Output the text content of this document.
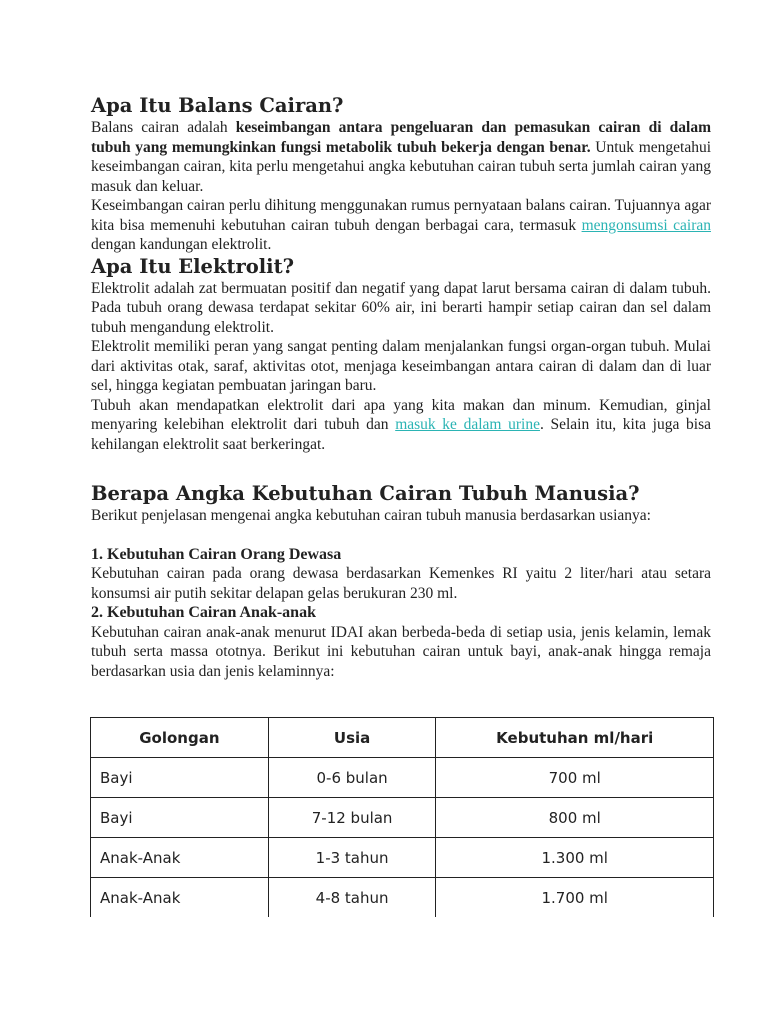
Apa Itu Balans Cairan?

Balans cairan adalah keseimbangan antara pengeluaran dan pemasukan cairan di dalam tubuh yang memungkinkan fungsi metabolik tubuh bekerja dengan benar. Untuk mengetahui keseimbangan cairan, kita perlu mengetahui angka kebutuhan cairan tubuh serta jumlah cairan yang masuk dan keluar.

Keseimbangan cairan perlu dihitung menggunakan rumus pernyataan balans cairan. Tujuannya agar kita bisa memenuhi kebutuhan cairan tubuh dengan berbagai cara, termasuk mengonsumsi cairan dengan kandungan elektrolit.

Apa Itu Elektrolit?

Elektrolit adalah zat bermuatan positif dan negatif yang dapat larut bersama cairan di dalam tubuh. Pada tubuh orang dewasa terdapat sekitar 60% air, ini berarti hampir setiap cairan dan sel dalam tubuh mengandung elektrolit.

Elektrolit memiliki peran yang sangat penting dalam menjalankan fungsi organ-organ tubuh. Mulai dari aktivitas otak, saraf, aktivitas otot, menjaga keseimbangan antara cairan di dalam dan di luar sel, hingga kegiatan pembuatan jaringan baru.

Tubuh akan mendapatkan elektrolit dari apa yang kita makan dan minum. Kemudian, ginjal menyaring kelebihan elektrolit dari tubuh dan masuk ke dalam urine. Selain itu, kita juga bisa kehilangan elektrolit saat berkeringat.

Berapa Angka Kebutuhan Cairan Tubuh Manusia?

Berikut penjelasan mengenai angka kebutuhan cairan tubuh manusia berdasarkan usianya:

1. Kebutuhan Cairan Orang Dewasa

Kebutuhan cairan pada orang dewasa berdasarkan Kemenkes RI yaitu 2 liter/hari atau setara konsumsi air putih sekitar delapan gelas berukuran 230 ml.

2. Kebutuhan Cairan Anak-anak

Kebutuhan cairan anak-anak menurut IDAI akan berbeda-beda di setiap usia, jenis kelamin, lemak tubuh serta massa ototnya. Berikut ini kebutuhan cairan untuk bayi, anak-anak hingga remaja berdasarkan usia dan jenis kelaminnya:

Golongan	Usia	Kebutuhan ml/hari
Bayi	0-6 bulan	700 ml
Bayi	7-12 bulan	800 ml
Anak-Anak	1-3 tahun	1.300 ml
Anak-Anak	4-8 tahun	1.700 ml
